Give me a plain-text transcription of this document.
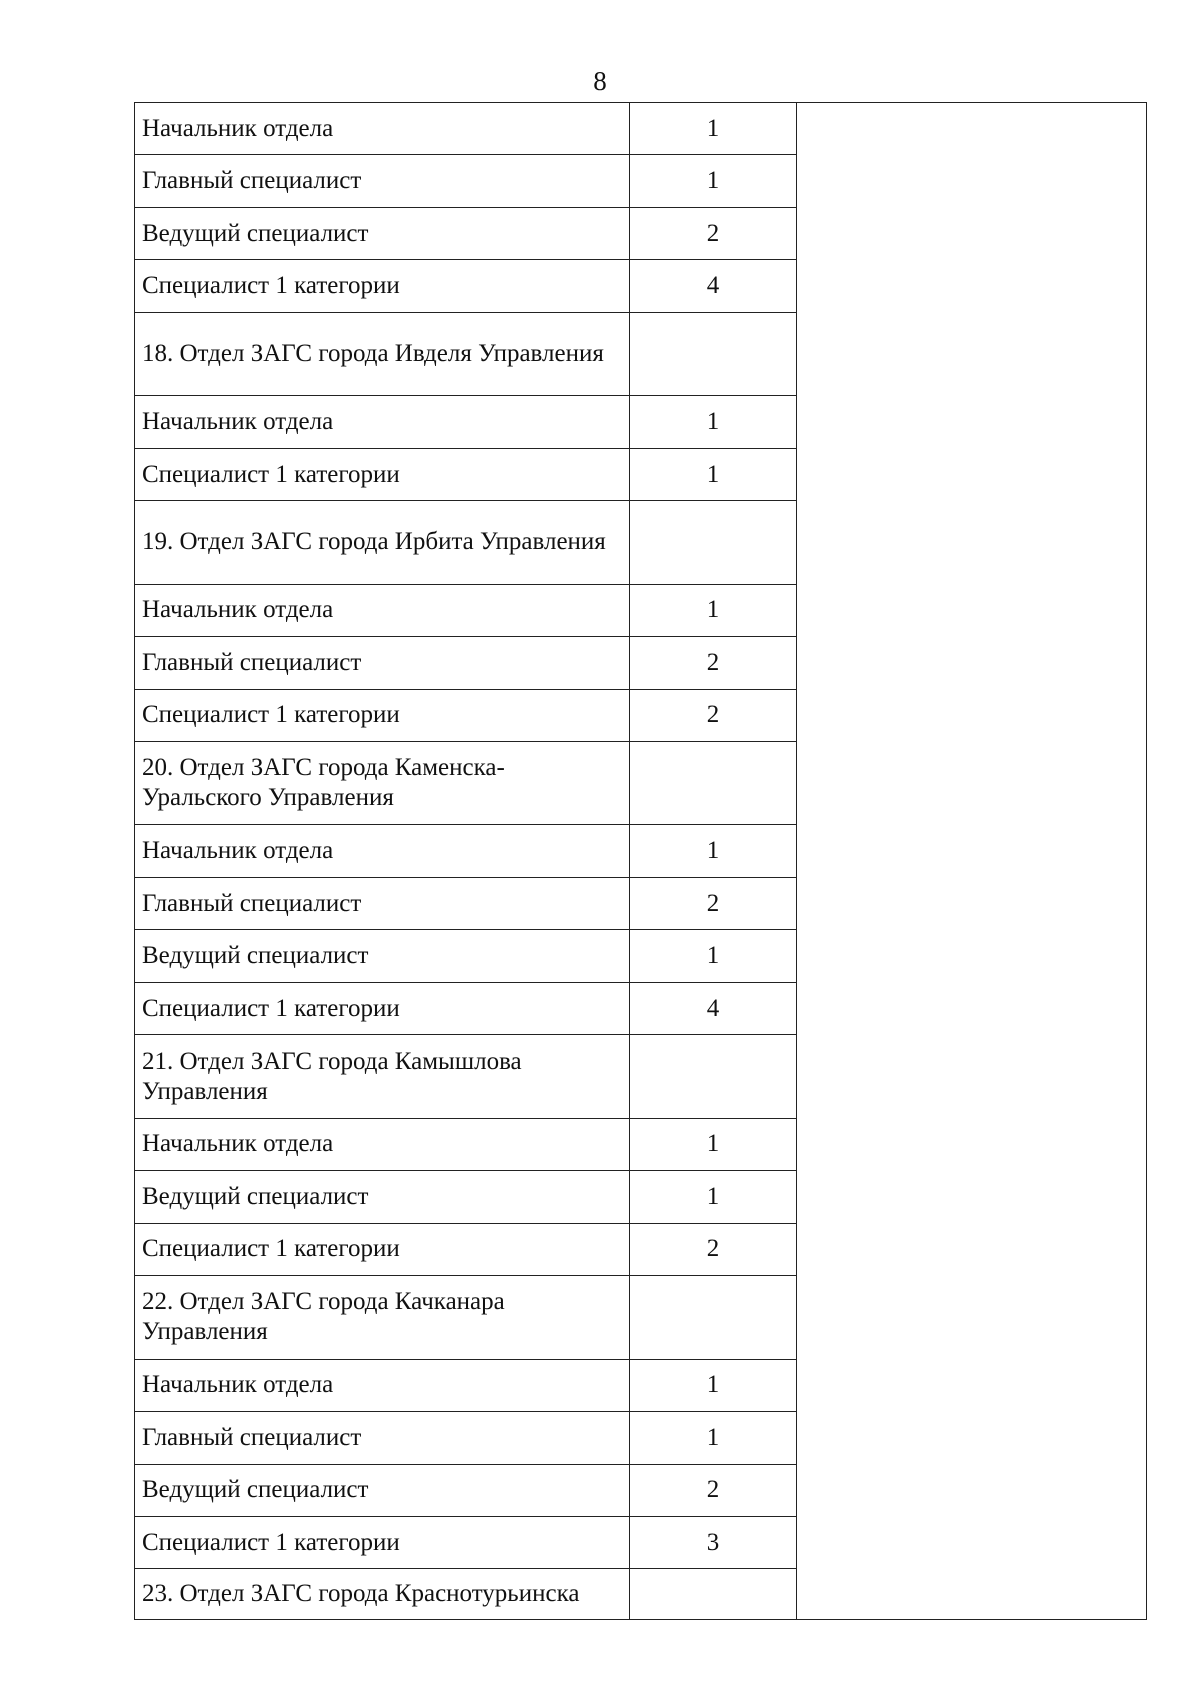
8
Начальник отдела	1	
Главный специалист	1	
Ведущий специалист	2	
Специалист 1 категории	4	
18. Отдел ЗАГС города Ивделя Управления		
Начальник отдела	1	
Специалист 1 категории	1	
19. Отдел ЗАГС города Ирбита Управления		
Начальник отдела	1	
Главный специалист	2	
Специалист 1 категории	2	
20. Отдел ЗАГС города Каменска-Уральского Управления		
Начальник отдела	1	
Главный специалист	2	
Ведущий специалист	1	
Специалист 1 категории	4	
21. Отдел ЗАГС города Камышлова Управления		
Начальник отдела	1	
Ведущий специалист	1	
Специалист 1 категории	2	
22. Отдел ЗАГС города Качканара Управления		
Начальник отдела	1	
Главный специалист	1	
Ведущий специалист	2	
Специалист 1 категории	3	
23. Отдел ЗАГС города Краснотурьинска		
